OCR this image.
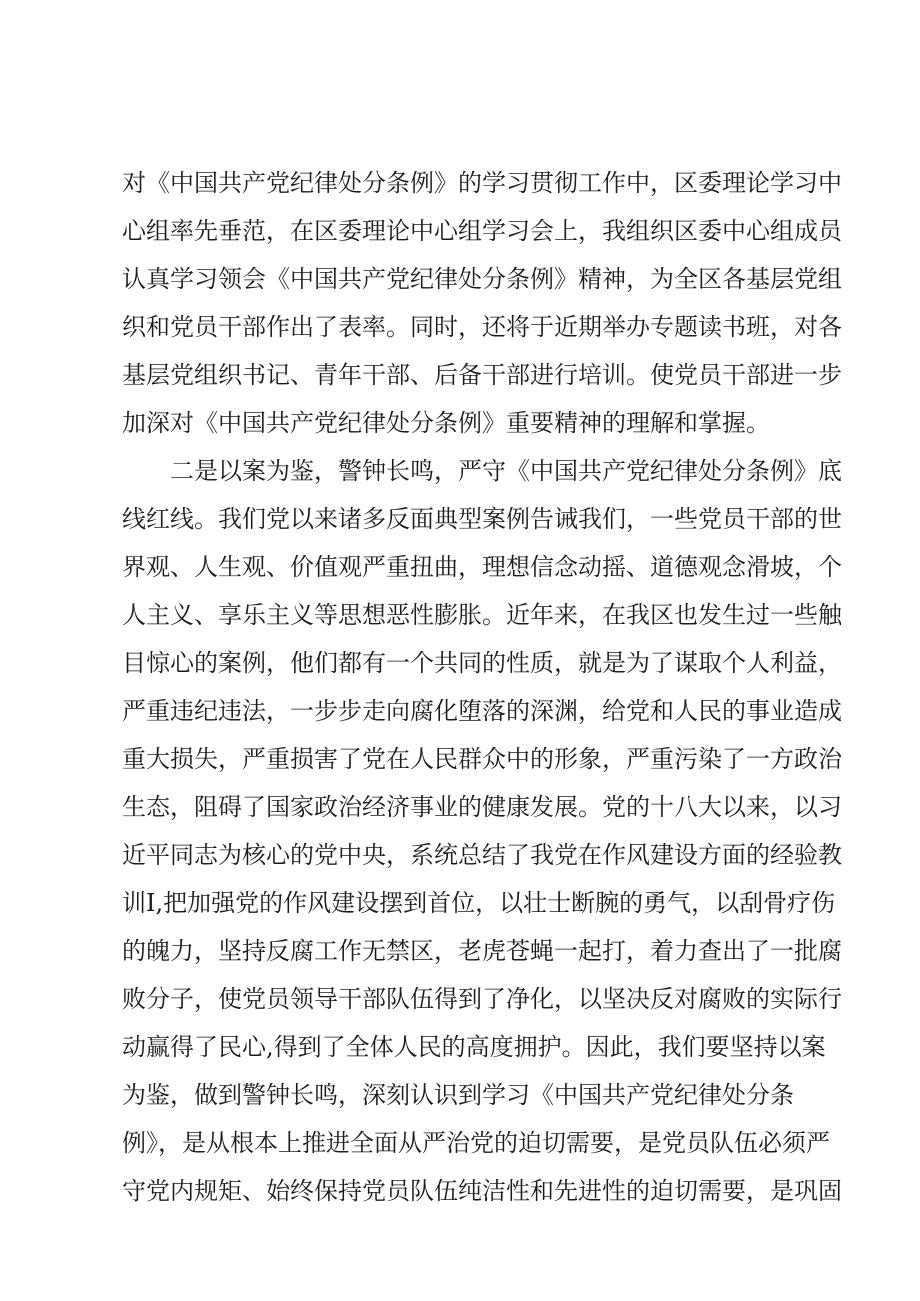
对《中国共产党纪律处分条例》的学习贯彻工作中，区委理论学习中
心组率先垂范，在区委理论中心组学习会上，我组织区委中心组成员
认真学习领会《中国共产党纪律处分条例》精神，为全区各基层党组
织和党员干部作出了表率。同时，还将于近期举办专题读书班，对各
基层党组织书记、青年干部、后备干部进行培训。使党员干部进一步
加深对《中国共产党纪律处分条例》重要精神的理解和掌握。
二是以案为鉴，警钟长鸣，严守《中国共产党纪律处分条例》底
线红线。我们党以来诸多反面典型案例告诫我们，一些党员干部的世
界观、人生观、价值观严重扭曲，理想信念动摇、道德观念滑坡，个
人主义、享乐主义等思想恶性膨胀。近年来，在我区也发生过一些触
目惊心的案例，他们都有一个共同的性质，就是为了谋取个人利益，
严重违纪违法，一步步走向腐化堕落的深渊，给党和人民的事业造成
重大损失，严重损害了党在人民群众中的形象，严重污染了一方政治
生态，阻碍了国家政治经济事业的健康发展。党的十八大以来，以习
近平同志为核心的党中央，系统总结了我党在作风建设方面的经验教
训I,把加强党的作风建设摆到首位，以壮士断腕的勇气，以刮骨疗伤
的魄力，坚持反腐工作无禁区，老虎苍蝇一起打，着力查出了一批腐
败分子，使党员领导干部队伍得到了净化，以坚决反对腐败的实际行
动赢得了民心,得到了全体人民的高度拥护。因此，我们要坚持以案
为鉴，做到警钟长鸣，深刻认识到学习《中国共产党纪律处分条
例》，是从根本上推进全面从严治党的迫切需要，是党员队伍必须严
守党内规矩、始终保持党员队伍纯洁性和先进性的迫切需要，是巩固
